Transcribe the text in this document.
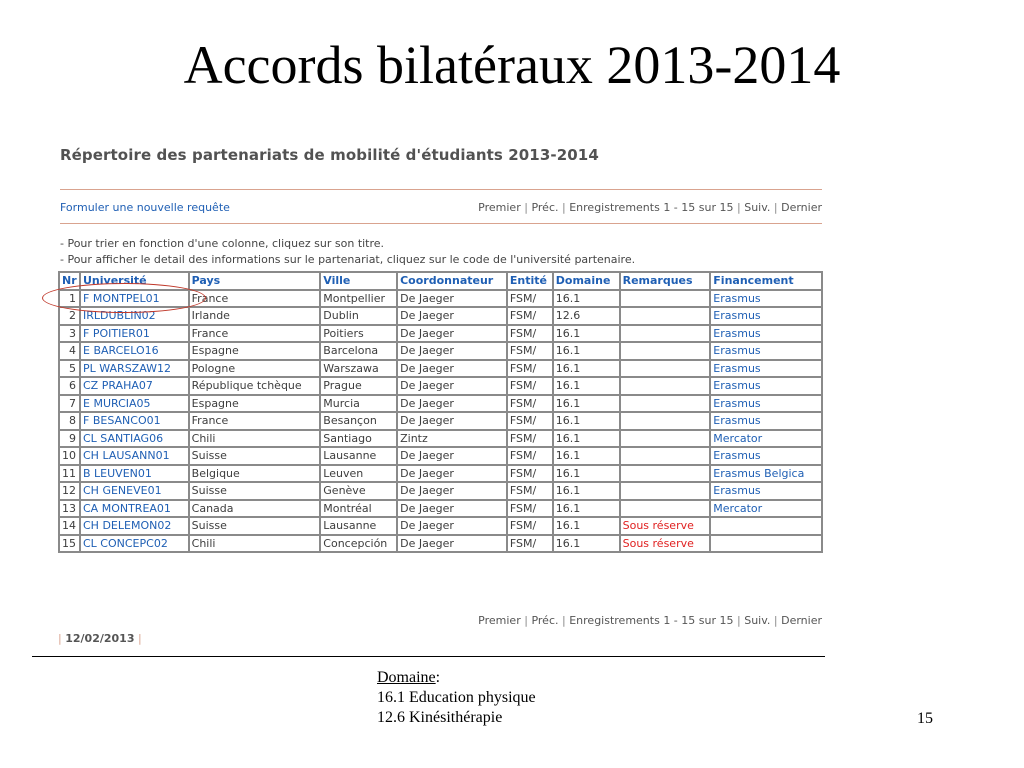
Accords bilatéraux 2013-2014
Répertoire des partenariats de mobilité d'étudiants 2013-2014
Formuler une nouvelle requête	Premier | Préc. | Enregistrements 1 - 15 sur 15 | Suiv. | Dernier
- Pour trier en fonction d'une colonne, cliquez sur son titre.
- Pour afficher le detail des informations sur le partenariat, cliquez sur le code de l'université partenaire.
Nr	Université	Pays	Ville	Coordonnateur	Entité	Domaine	Remarques	Financement
1	F MONTPEL01	France	Montpellier	De Jaeger	FSM/	16.1		Erasmus
2	IRLDUBLIN02	Irlande	Dublin	De Jaeger	FSM/	12.6		Erasmus
3	F POITIER01	France	Poitiers	De Jaeger	FSM/	16.1		Erasmus
4	E BARCELO16	Espagne	Barcelona	De Jaeger	FSM/	16.1		Erasmus
5	PL WARSZAW12	Pologne	Warszawa	De Jaeger	FSM/	16.1		Erasmus
6	CZ PRAHA07	République tchèque	Prague	De Jaeger	FSM/	16.1		Erasmus
7	E MURCIA05	Espagne	Murcia	De Jaeger	FSM/	16.1		Erasmus
8	F BESANCO01	France	Besançon	De Jaeger	FSM/	16.1		Erasmus
9	CL SANTIAG06	Chili	Santiago	Zintz	FSM/	16.1		Mercator
10	CH LAUSANN01	Suisse	Lausanne	De Jaeger	FSM/	16.1		Erasmus
11	B LEUVEN01	Belgique	Leuven	De Jaeger	FSM/	16.1		Erasmus Belgica
12	CH GENEVE01	Suisse	Genève	De Jaeger	FSM/	16.1		Erasmus
13	CA MONTREA01	Canada	Montréal	De Jaeger	FSM/	16.1		Mercator
14	CH DELEMON02	Suisse	Lausanne	De Jaeger	FSM/	16.1	Sous réserve	
15	CL CONCEPC02	Chili	Concepción	De Jaeger	FSM/	16.1	Sous réserve	
Premier | Préc. | Enregistrements 1 - 15 sur 15 | Suiv. | Dernier
| 12/02/2013 |
Domaine:
16.1 Education physique
12.6 Kinésithérapie	15
